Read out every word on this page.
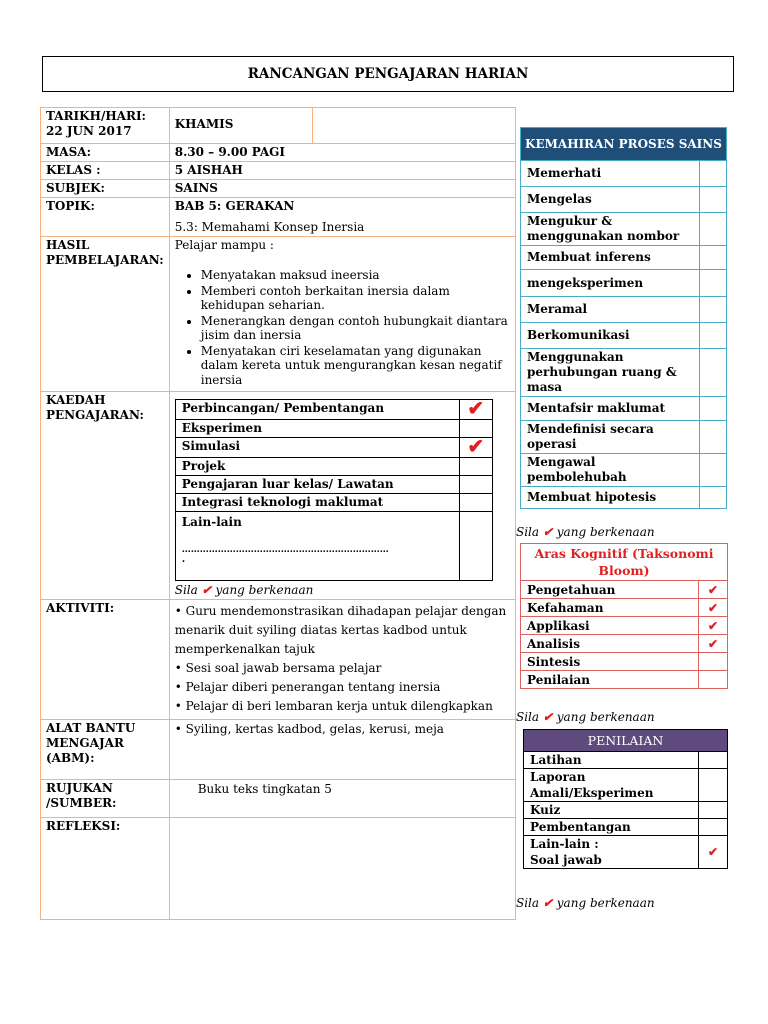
RANCANGAN PENGAJARAN HARIAN
TARIKH/HARI:
22 JUN 2017	KHAMIS	
MASA:	8.30 – 9.00 PAGI
KELAS :	5 AISHAH
SUBJEK:	SAINS
TOPIK:	BAB 5: GERAKAN
5.3: Memahami Konsep Inersia

HASIL PEMBELAJARAN:	
Pelajar mampu :
• Menyatakan maksud ineersia
• Memberi contoh berkaitan inersia dalam kehidupan seharian.
• Menerangkan dengan contoh hubungkait diantara jisim dan inersia
• Menyatakan ciri keselamatan yang digunakan dalam kereta untuk mengurangkan kesan negatif inersia

KAEDAH PENGAJARAN:		Perbincangan/ Pembentangan	✔
Eksperimen	
Simulasi	✔
Projek	
Pengajaran luar kelas/ Lawatan	
Integrasi teknologi maklumat	

Lain-lain
……………………………………………………………
.

Sila ✔ yang berkenaan

AKTIVITI:	• Guru mendemonstrasikan dihadapan pelajar dengan menarik duit syiling diatas kertas kadbod untuk memperkenalkan tajuk
• Sesi soal jawab bersama pelajar
• Pelajar diberi penerangan tentang inersia
• Pelajar di beri lembaran kerja untuk dilengkapkan

ALAT BANTU MENGAJAR (ABM):	
• Syiling, kertas kadbod, gelas, kerusi, meja

RUJUKAN /SUMBER:	Buku teks tingkatan 5
REFLEKSI:	
KEMAHIRAN PROSES SAINS	
Memerhati	
Mengelas	
Mengukur & menggunakan nombor	
Membuat inferens	
mengeksperimen	
Meramal	
Berkomunikasi	
Menggunakan perhubungan ruang & masa	
Mentafsir maklumat	
Mendefinisi secara operasi	
Mengawal pembolehubah	
Membuat hipotesis	
Sila ✔ yang berkenaan
Aras Kognitif (Taksonomi Bloom)	
Pengetahuan	✔
Kefahaman	✔
Applikasi	✔
Analisis	✔
Sintesis	
Penilaian	
Sila ✔ yang berkenaan
PENILAIAN	
Latihan	
Laporan Amali/Eksperimen	
Kuiz	
Pembentangan	

Lain-lain :
Soal jawab	✔
Sila ✔ yang berkenaan
